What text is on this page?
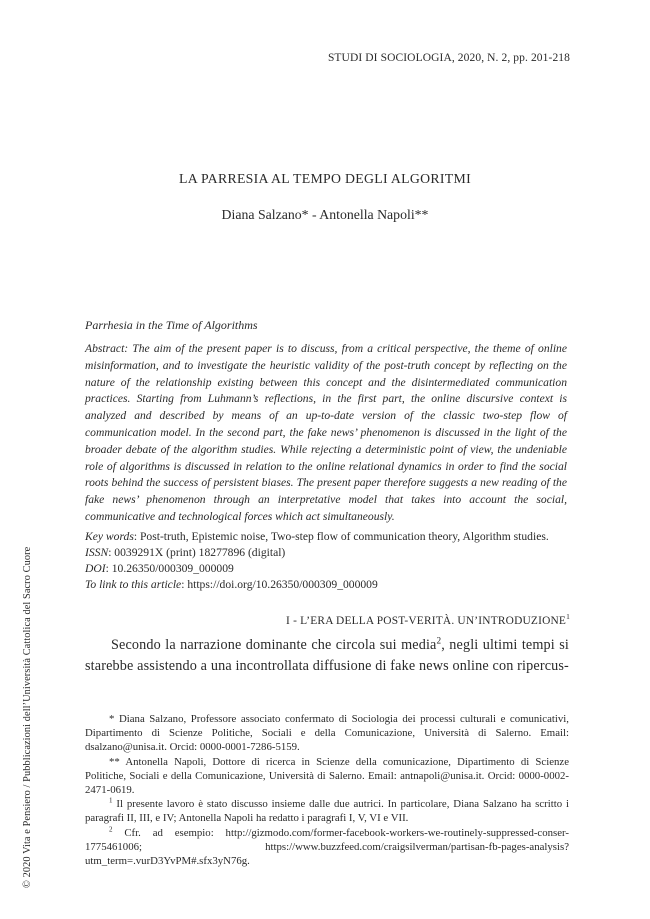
STUDI DI SOCIOLOGIA, 2020, N. 2, pp. 201-218
LA PARRESIA AL TEMPO DEGLI ALGORITMI
Diana Salzano* - Antonella Napoli**
Parrhesia in the Time of Algorithms
Abstract: The aim of the present paper is to discuss, from a critical perspective, the theme of online misinformation, and to investigate the heuristic validity of the post-truth concept by reflecting on the nature of the relationship existing between this concept and the disintermediated communication practices. Starting from Luhmann’s reflections, in the first part, the online discursive context is analyzed and described by means of an up-to-date version of the classic two-step flow of communication model. In the second part, the fake news’ phenomenon is discussed in the light of the broader debate of the algorithm studies. While rejecting a deterministic point of view, the undeniable role of algorithms is discussed in relation to the online relational dynamics in order to find the social roots behind the success of persistent biases. The present paper therefore suggests a new reading of the fake news’ phenomenon through an interpretative model that takes into account the social, communicative and technological forces which act simultaneously.
Key words: Post-truth, Epistemic noise, Two-step flow of communication theory, Algorithm studies.
ISSN: 0039291X (print) 18277896 (digital)
DOI: 10.26350/000309_000009
To link to this article: https://doi.org/10.26350/000309_000009
I - L’ERA DELLA POST-VERITÀ. UN’INTRODUZIONE$^1$
Secondo la narrazione dominante che circola sui media$^2$, negli ultimi tempi si starebbe assistendo a una incontrollata diffusione di fake news online con ripercus-
* Diana Salzano, Professore associato confermato di Sociologia dei processi culturali e comunicativi, Dipartimento di Scienze Politiche, Sociali e della Comunicazione, Università di Salerno. Email: dsalzano@unisa.it. Orcid: 0000-0001-7286-5159.
** Antonella Napoli, Dottore di ricerca in Scienze della comunicazione, Dipartimento di Scienze Politiche, Sociali e della Comunicazione, Università di Salerno. Email: antnapoli@unisa.it. Orcid: 0000-0002-2471-0619.
$^1$ Il presente lavoro è stato discusso insieme dalle due autrici. In particolare, Diana Salzano ha scritto i paragrafi II, III, e IV; Antonella Napoli ha redatto i paragrafi I, V, VI e VII.
$^2$ Cfr. ad esempio: http://gizmodo.com/former-facebook-workers-we-routinely-suppressed-conser-1775461006; https://www.buzzfeed.com/craigsilverman/partisan-fb-pages-analysis?utm_term=.vurD3YvPM#.sfx3yN76g.
© 2020 Vita e Pensiero / Pubblicazioni dell’Università Cattolica del Sacro Cuore
